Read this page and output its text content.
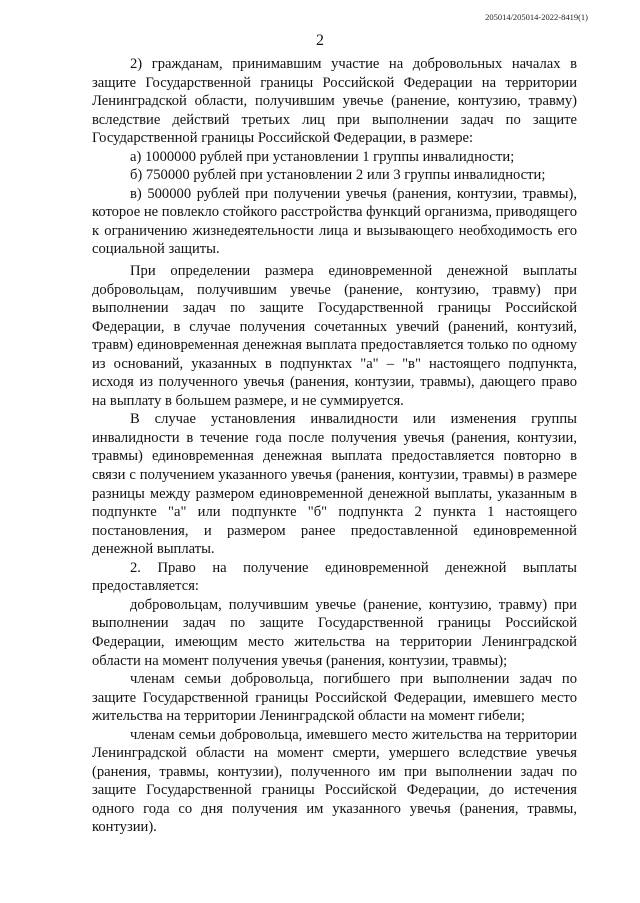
205014/205014-2022-8419(1)
2

2) гражданам, принимавшим участие на добровольных началах в защите Государственной границы Российской Федерации на территории Ленинградской области, получившим увечье (ранение, контузию, травму) вследствие действий третьих лиц при выполнении задач по защите Государственной границы Российской Федерации, в размере:

а) 1000000 рублей при установлении 1 группы инвалидности;

б) 750000 рублей при установлении 2 или 3 группы инвалидности;

в) 500000 рублей при получении увечья (ранения, контузии, травмы), которое не повлекло стойкого расстройства функций организма, приводящего к ограничению жизнедеятельности лица и вызывающего необходимость его социальной защиты.

При определении размера единовременной денежной выплаты добровольцам, получившим увечье (ранение, контузию, травму) при выполнении задач по защите Государственной границы Российской Федерации, в случае получения сочетанных увечий (ранений, контузий, травм) единовременная денежная выплата предоставляется только по одному из оснований, указанных в подпунктах "а" – "в" настоящего подпункта, исходя из полученного увечья (ранения, контузии, травмы), дающего право на выплату в большем размере, и не суммируется.

В случае установления инвалидности или изменения группы инвалидности в течение года после получения увечья (ранения, контузии, травмы) единовременная денежная выплата предоставляется повторно в связи с получением указанного увечья (ранения, контузии, травмы) в размере разницы между размером единовременной денежной выплаты, указанным в подпункте "а" или подпункте "б" подпункта 2 пункта 1 настоящего постановления, и размером ранее предоставленной единовременной денежной выплаты.

2. Право на получение единовременной денежной выплаты предоставляется:

добровольцам, получившим увечье (ранение, контузию, травму) при выполнении задач по защите Государственной границы Российской Федерации, имеющим место жительства на территории Ленинградской области на момент получения увечья (ранения, контузии, травмы);

членам семьи добровольца, погибшего при выполнении задач по защите Государственной границы Российской Федерации, имевшего место жительства на территории Ленинградской области на момент гибели;

членам семьи добровольца, имевшего место жительства на территории Ленинградской области на момент смерти, умершего вследствие увечья (ранения, травмы, контузии), полученного им при выполнении задач по защите Государственной границы Российской Федерации, до истечения одного года со дня получения им указанного увечья (ранения, травмы, контузии).
